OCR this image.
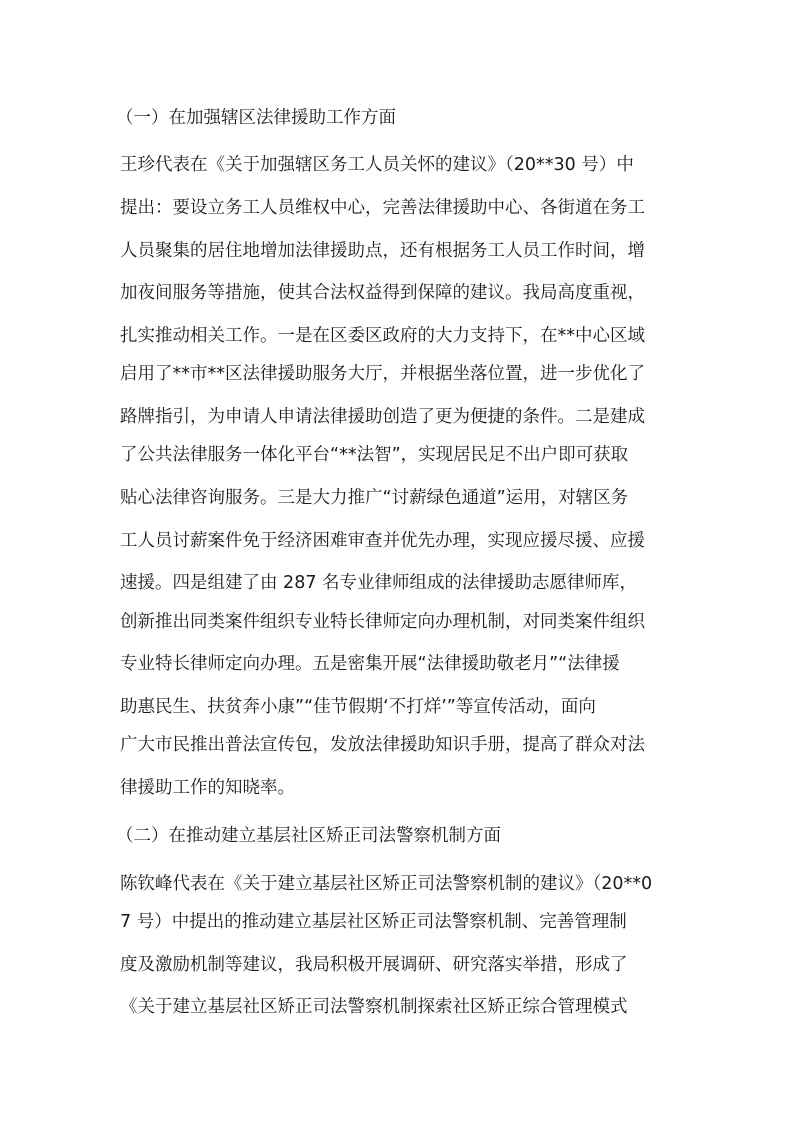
（一）在加强辖区法律援助工作方面

王珍代表在《关于加强辖区务工人员关怀的建议》（20**30 号）中

提出：要设立务工人员维权中心，完善法律援助中心、各街道在务工

人员聚集的居住地增加法律援助点，还有根据务工人员工作时间，增

加夜间服务等措施，使其合法权益得到保障的建议。我局高度重视，

扎实推动相关工作。一是在区委区政府的大力支持下，在**中心区域

启用了**市**区法律援助服务大厅，并根据坐落位置，进一步优化了

路牌指引，为申请人申请法律援助创造了更为便捷的条件。二是建成

了公共法律服务一体化平台“**法智”，实现居民足不出户即可获取

贴心法律咨询服务。三是大力推广“讨薪绿色通道”运用，对辖区务

工人员讨薪案件免于经济困难审查并优先办理，实现应援尽援、应援

速援。四是组建了由 287 名专业律师组成的法律援助志愿律师库，

创新推出同类案件组织专业特长律师定向办理机制，对同类案件组织

专业特长律师定向办理。五是密集开展“法律援助敬老月”“法律援

助惠民生、扶贫奔小康”“佳节假期‘不打烊’”等宣传活动，面向

广大市民推出普法宣传包，发放法律援助知识手册，提高了群众对法

律援助工作的知晓率。

（二）在推动建立基层社区矫正司法警察机制方面

陈钦峰代表在《关于建立基层社区矫正司法警察机制的建议》（20**0

7 号）中提出的推动建立基层社区矫正司法警察机制、完善管理制

度及激励机制等建议，我局积极开展调研、研究落实举措，形成了

《关于建立基层社区矫正司法警察机制探索社区矫正综合管理模式
